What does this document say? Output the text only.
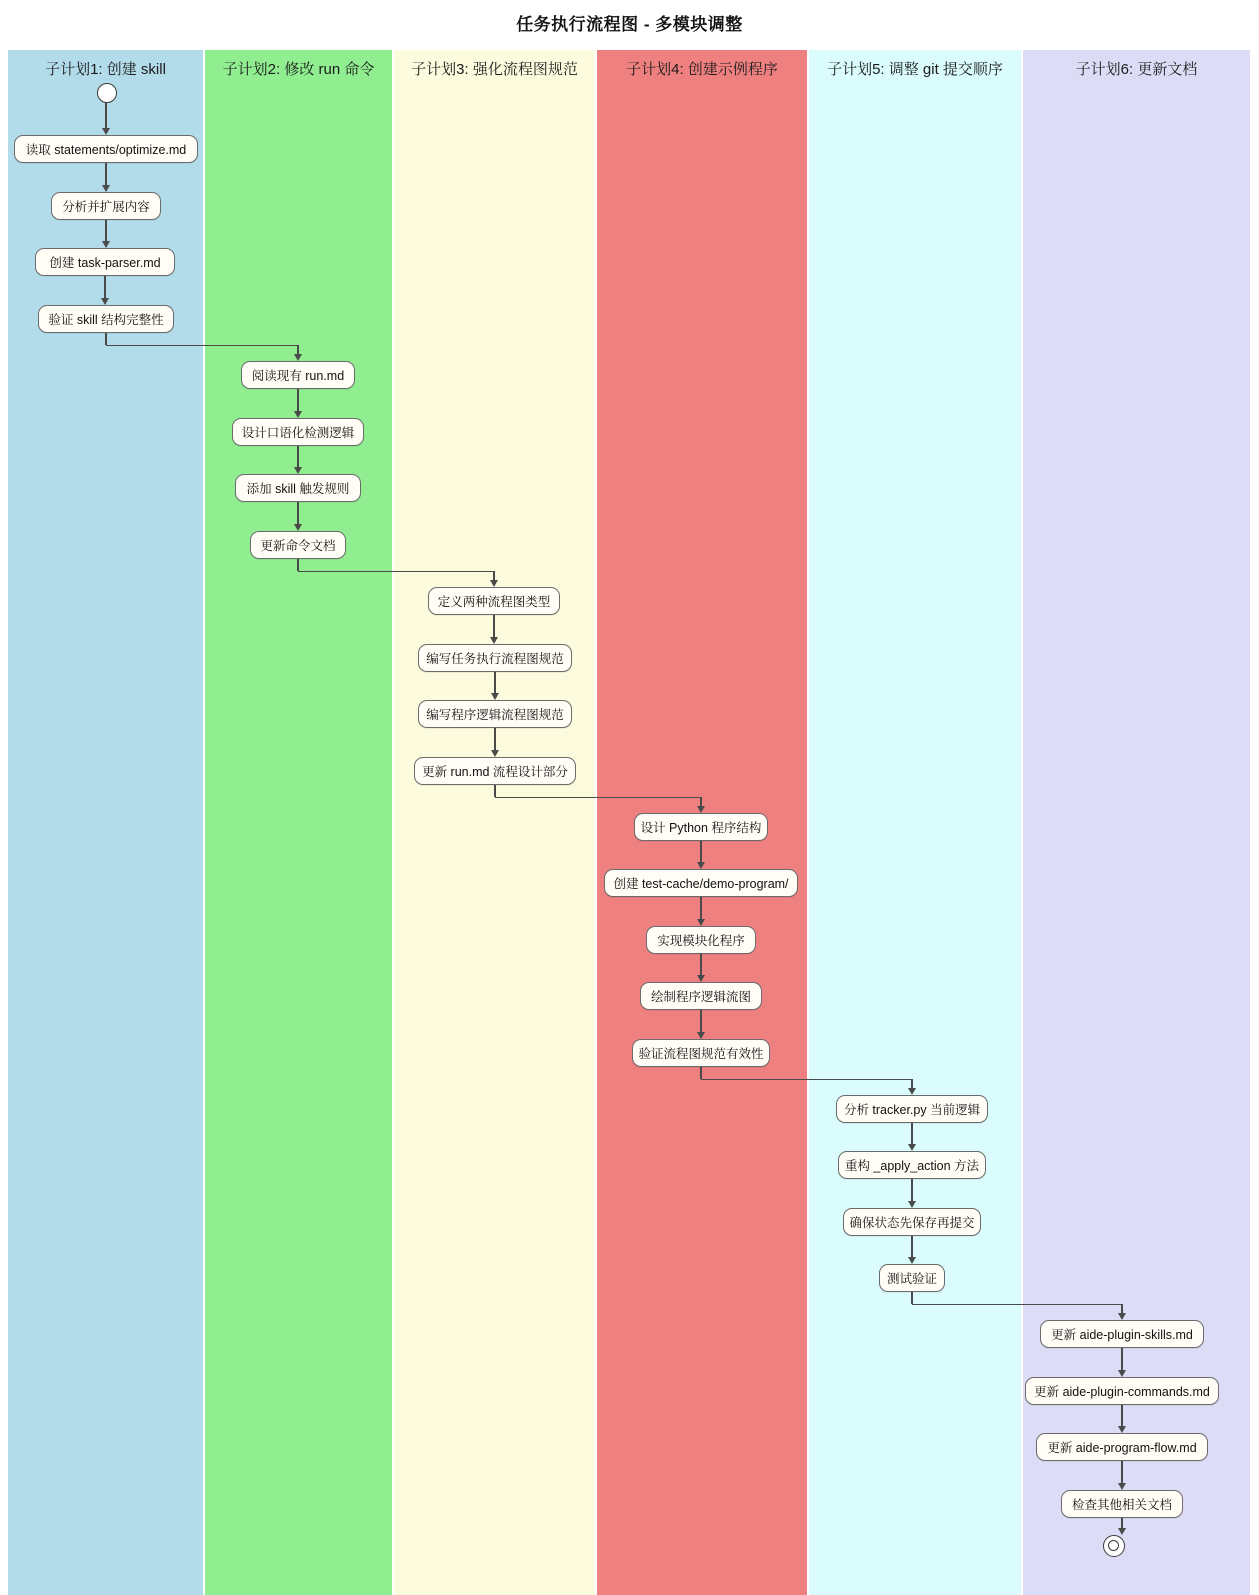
任务执行流程图 - 多模块调整
子计划1: 创建 skill	子计划2: 修改 run 命令	子计划3: 强化流程图规范	子计划4: 创建示例程序	子计划5: 调整 git 提交顺序	子计划6: 更新文档
读取 statements/optimize.md
分析并扩展内容
创建 task-parser.md
验证 skill 结构完整性
阅读现有 run.md
设计口语化检测逻辑
添加 skill 触发规则
更新命令文档
定义两种流程图类型
编写任务执行流程图规范
编写程序逻辑流程图规范
更新 run.md 流程设计部分
设计 Python 程序结构
创建 test-cache/demo-program/
实现模块化程序
绘制程序逻辑流图
验证流程图规范有效性
分析 tracker.py 当前逻辑
重构 _apply_action 方法
确保状态先保存再提交
测试验证
更新 aide-plugin-skills.md
更新 aide-plugin-commands.md
更新 aide-program-flow.md
检查其他相关文档
